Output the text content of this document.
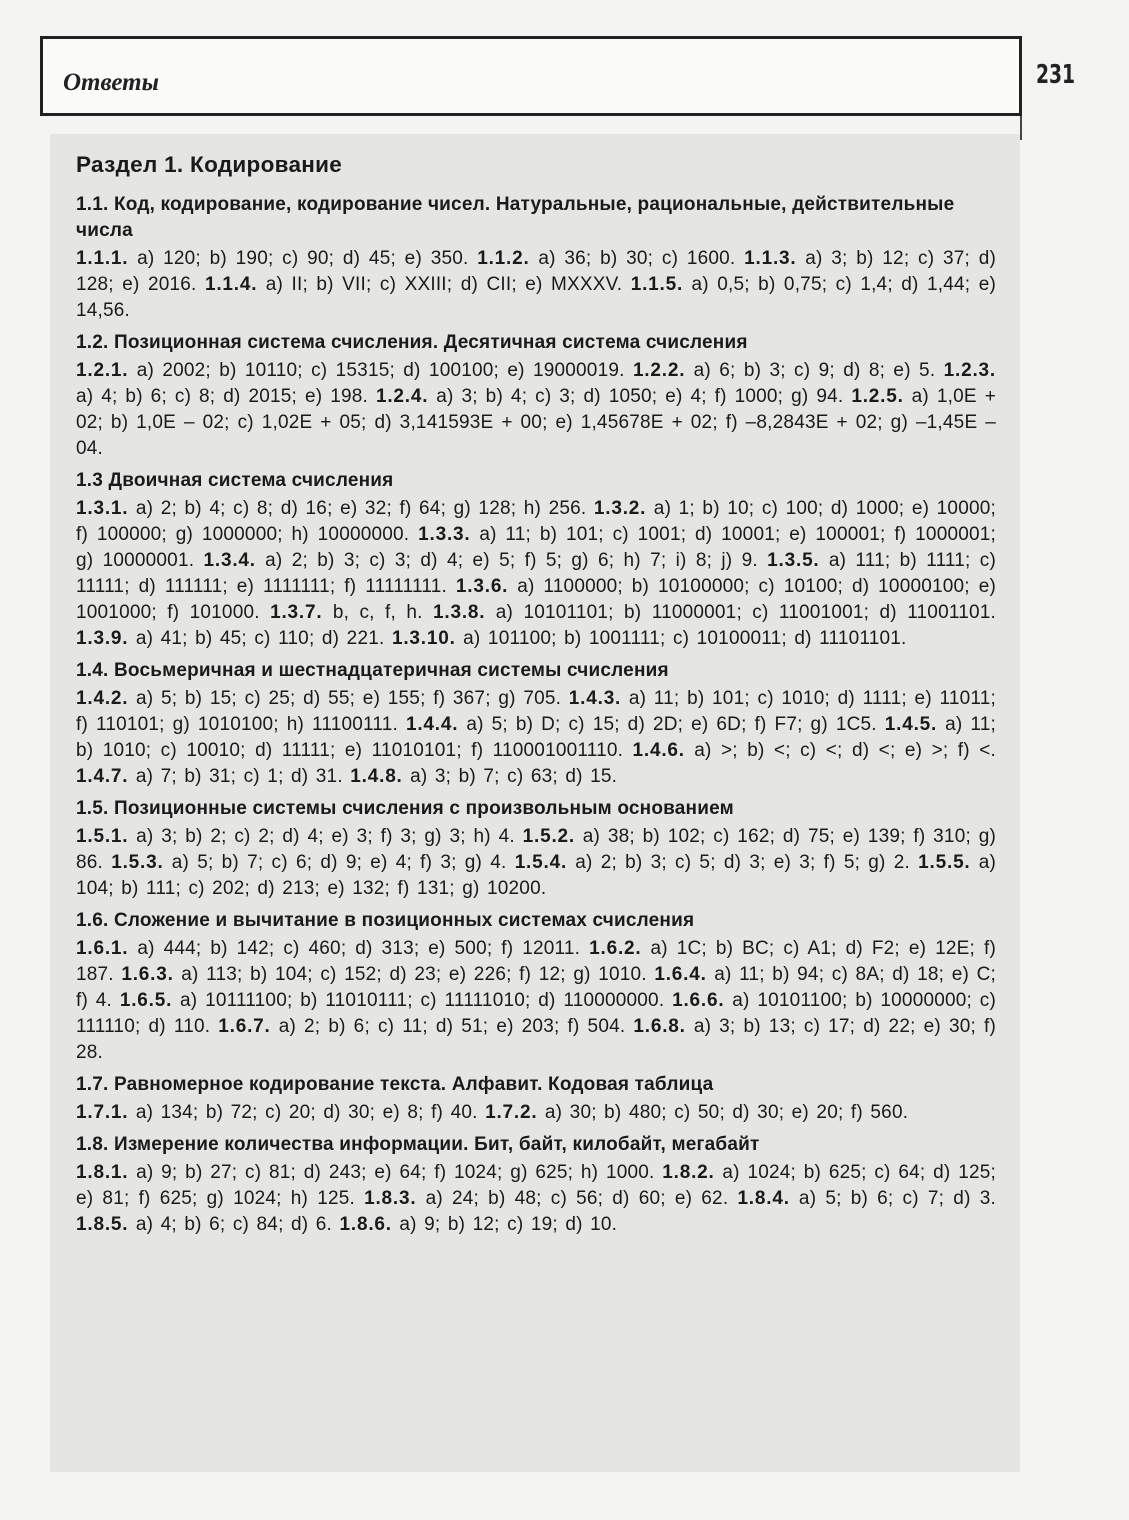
Ответы	231
Раздел 1. Кодирование
1.1. Код, кодирование, кодирование чисел. Натуральные, рациональные, действительные числа
1.1.1. a) 120; b) 190; c) 90; d) 45; e) 350. 1.1.2. a) 36; b) 30; c) 1600. 1.1.3. a) 3; b) 12; c) 37; d) 128; e) 2016. 1.1.4. a) II; b) VII; c) XXIII; d) CII; e) MXXXV. 1.1.5. a) 0,5; b) 0,75; c) 1,4; d) 1,44; e) 14,56.
1.2. Позиционная система счисления. Десятичная система счисления
1.2.1. a) 2002; b) 10110; c) 15315; d) 100100; e) 19000019. 1.2.2. a) 6; b) 3; c) 9; d) 8; e) 5. 1.2.3. a) 4; b) 6; c) 8; d) 2015; e) 198. 1.2.4. a) 3; b) 4; c) 3; d) 1050; e) 4; f) 1000; g) 94. 1.2.5. a) 1,0E + 02; b) 1,0E – 02; c) 1,02E + 05; d) 3,141593E + 00; e) 1,45678E + 02; f) –8,2843E + 02; g) –1,45E – 04.
1.3 Двоичная система счисления
1.3.1. a) 2; b) 4; c) 8; d) 16; e) 32; f) 64; g) 128; h) 256. 1.3.2. a) 1; b) 10; c) 100; d) 1000; e) 10000; f) 100000; g) 1000000; h) 10000000. 1.3.3. a) 11; b) 101; c) 1001; d) 10001; e) 100001; f) 1000001; g) 10000001. 1.3.4. a) 2; b) 3; c) 3; d) 4; e) 5; f) 5; g) 6; h) 7; i) 8; j) 9. 1.3.5. a) 111; b) 1111; c) 11111; d) 111111; e) 1111111; f) 11111111. 1.3.6. a) 1100000; b) 10100000; c) 10100; d) 10000100; e) 1001000; f) 101000. 1.3.7. b, c, f, h. 1.3.8. a) 10101101; b) 11000001; c) 11001001; d) 11001101. 1.3.9. a) 41; b) 45; c) 110; d) 221. 1.3.10. a) 101100; b) 1001111; c) 10100011; d) 11101101.
1.4. Восьмеричная и шестнадцатеричная системы счисления
1.4.2. a) 5; b) 15; c) 25; d) 55; e) 155; f) 367; g) 705. 1.4.3. a) 11; b) 101; c) 1010; d) 1111; e) 11011; f) 110101; g) 1010100; h) 11100111. 1.4.4. a) 5; b) D; c) 15; d) 2D; e) 6D; f) F7; g) 1C5. 1.4.5. a) 11; b) 1010; c) 10010; d) 11111; e) 11010101; f) 110001001110. 1.4.6. a) >; b) <; c) <; d) <; e) >; f) <. 1.4.7. a) 7; b) 31; c) 1; d) 31. 1.4.8. a) 3; b) 7; c) 63; d) 15.
1.5. Позиционные системы счисления с произвольным основанием
1.5.1. a) 3; b) 2; c) 2; d) 4; e) 3; f) 3; g) 3; h) 4. 1.5.2. a) 38; b) 102; c) 162; d) 75; e) 139; f) 310; g) 86. 1.5.3. a) 5; b) 7; c) 6; d) 9; e) 4; f) 3; g) 4. 1.5.4. a) 2; b) 3; c) 5; d) 3; e) 3; f) 5; g) 2. 1.5.5. a) 104; b) 111; c) 202; d) 213; e) 132; f) 131; g) 10200.
1.6. Сложение и вычитание в позиционных системах счисления
1.6.1. a) 444; b) 142; c) 460; d) 313; e) 500; f) 12011. 1.6.2. a) 1C; b) BC; c) A1; d) F2; e) 12E; f) 187. 1.6.3. a) 113; b) 104; c) 152; d) 23; e) 226; f) 12; g) 1010. 1.6.4. a) 11; b) 94; c) 8A; d) 18; e) C; f) 4. 1.6.5. a) 10111100; b) 11010111; c) 11111010; d) 110000000. 1.6.6. a) 10101100; b) 10000000; c) 111110; d) 110. 1.6.7. a) 2; b) 6; c) 11; d) 51; e) 203; f) 504. 1.6.8. a) 3; b) 13; c) 17; d) 22; e) 30; f) 28.
1.7. Равномерное кодирование текста. Алфавит. Кодовая таблица
1.7.1. a) 134; b) 72; c) 20; d) 30; e) 8; f) 40. 1.7.2. a) 30; b) 480; c) 50; d) 30; e) 20; f) 560.
1.8. Измерение количества информации. Бит, байт, килобайт, мегабайт
1.8.1. a) 9; b) 27; c) 81; d) 243; e) 64; f) 1024; g) 625; h) 1000. 1.8.2. a) 1024; b) 625; c) 64; d) 125; e) 81; f) 625; g) 1024; h) 125. 1.8.3. a) 24; b) 48; c) 56; d) 60; e) 62. 1.8.4. a) 5; b) 6; c) 7; d) 3. 1.8.5. a) 4; b) 6; c) 84; d) 6. 1.8.6. a) 9; b) 12; c) 19; d) 10.
